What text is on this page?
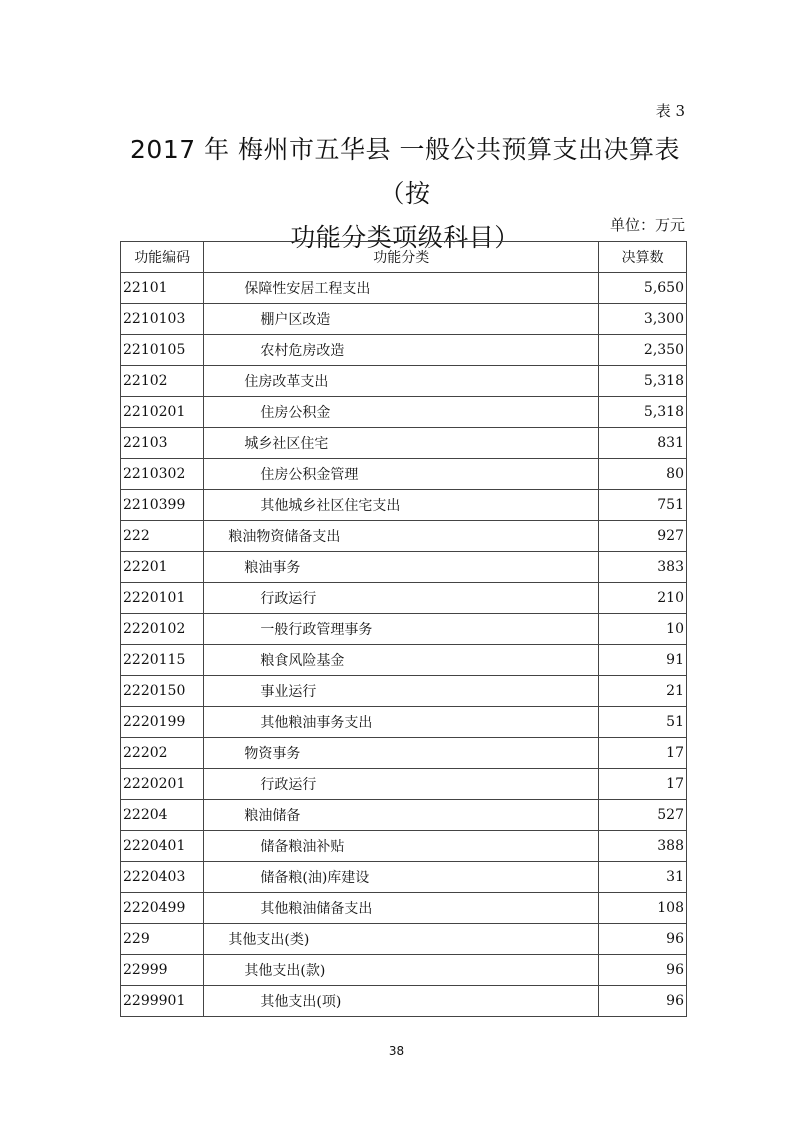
表 3
2017 年 梅州市五华县 一般公共预算支出决算表（按
功能分类项级科目）	单位：万元
功能编码	功能分类	决算数
22101	保障性安居工程支出	5,650
2210103	棚户区改造	3,300
2210105	农村危房改造	2,350
22102	住房改革支出	5,318
2210201	住房公积金	5,318
22103	城乡社区住宅	831
2210302	住房公积金管理	80
2210399	其他城乡社区住宅支出	751
222	粮油物资储备支出	927
22201	粮油事务	383
2220101	行政运行	210
2220102	一般行政管理事务	10
2220115	粮食风险基金	91
2220150	事业运行	21
2220199	其他粮油事务支出	51
22202	物资事务	17
2220201	行政运行	17
22204	粮油储备	527
2220401	储备粮油补贴	388
2220403	储备粮(油)库建设	31
2220499	其他粮油储备支出	108
229	其他支出(类)	96
22999	其他支出(款)	96
2299901	其他支出(项)	96
38
